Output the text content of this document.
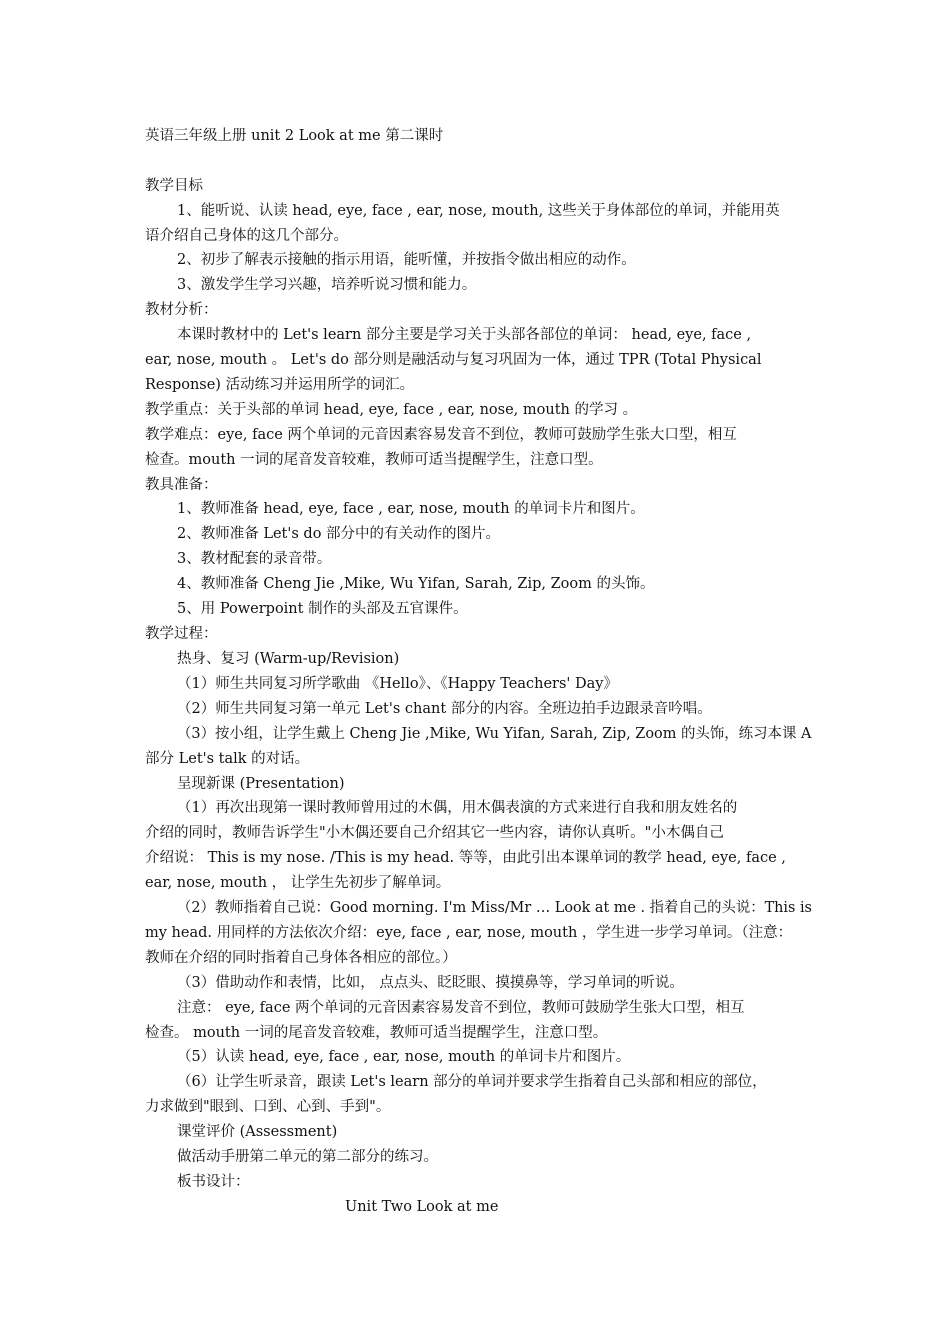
英语三年级上册 unit 2 Look at me 第二课时
教学目标
1、能听说、认读 head, eye, face , ear, nose, mouth, 这些关于身体部位的单词，并能用英
语介绍自己身体的这几个部分。
2、初步了解表示接触的指示用语，能听懂，并按指令做出相应的动作。
3、激发学生学习兴趣，培养听说习惯和能力。
教材分析：
本课时教材中的 Let's learn 部分主要是学习关于头部各部位的单词： head, eye, face ,
ear, nose, mouth 。 Let's do 部分则是融活动与复习巩固为一体，通过 TPR (Total Physical
Response) 活动练习并运用所学的词汇。
教学重点：关于头部的单词 head, eye, face , ear, nose, mouth 的学习 。
教学难点：eye, face 两个单词的元音因素容易发音不到位，教师可鼓励学生张大口型，相互
检查。mouth 一词的尾音发音较难，教师可适当提醒学生，注意口型。
教具准备：
1、教师准备 head, eye, face , ear, nose, mouth 的单词卡片和图片。
2、教师准备 Let's do 部分中的有关动作的图片。
3、教材配套的录音带。
4、教师准备 Cheng Jie ,Mike, Wu Yifan, Sarah, Zip, Zoom 的头饰。
5、用 Powerpoint 制作的头部及五官课件。
教学过程：
热身、复习 (Warm-up/Revision)
（1）师生共同复习所学歌曲 《Hello》、《Happy Teachers' Day》
（2）师生共同复习第一单元 Let's chant 部分的内容。全班边拍手边跟录音吟唱。
（3）按小组，让学生戴上 Cheng Jie ,Mike, Wu Yifan, Sarah, Zip, Zoom 的头饰，练习本课 A
部分 Let's talk 的对话。
呈现新课 (Presentation)
（1）再次出现第一课时教师曾用过的木偶，用木偶表演的方式来进行自我和朋友姓名的
介绍的同时，教师告诉学生"小木偶还要自己介绍其它一些内容，请你认真听。"小木偶自己
介绍说： This is my nose. /This is my head. 等等，由此引出本课单词的教学 head, eye, face ,
ear, nose, mouth ， 让学生先初步了解单词。
（2）教师指着自己说：Good morning. I'm Miss/Mr … Look at me . 指着自己的头说：This is
my head. 用同样的方法依次介绍：eye, face , ear, nose, mouth ，学生进一步学习单词。（注意：
教师在介绍的同时指着自己身体各相应的部位。）
（3）借助动作和表情，比如， 点点头、眨眨眼、摸摸鼻等，学习单词的听说。
注意： eye, face 两个单词的元音因素容易发音不到位，教师可鼓励学生张大口型，相互
检查。 mouth 一词的尾音发音较难，教师可适当提醒学生，注意口型。
（5）认读 head, eye, face , ear, nose, mouth 的单词卡片和图片。
（6）让学生听录音，跟读 Let's learn 部分的单词并要求学生指着自己头部和相应的部位，
力求做到"眼到、口到、心到、手到"。
课堂评价 (Assessment)
做活动手册第二单元的第二部分的练习。
板书设计：
Unit Two Look at me
